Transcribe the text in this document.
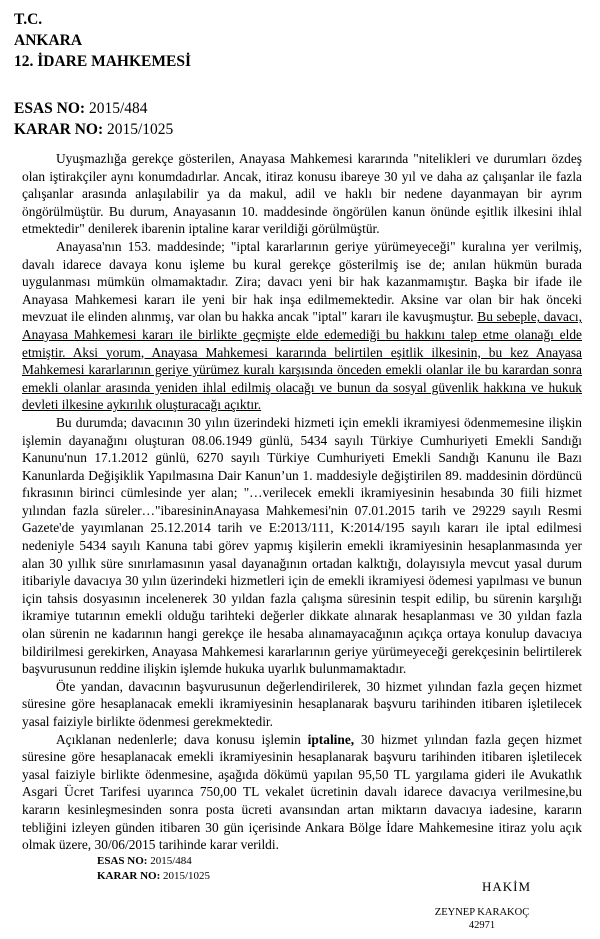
T.C.
ANKARA
12. İDARE MAHKEMESİ
ESAS NO: 2015/484
KARAR NO: 2015/1025

Uyuşmazlığa gerekçe gösterilen, Anayasa Mahkemesi kararında "nitelikleri ve durumları özdeş olan iştirakçiler aynı konumdadırlar. Ancak, itiraz konusu ibareye 30 yıl ve daha az çalışanlar ile fazla çalışanlar arasında anlaşılabilir ya da makul, adil ve haklı bir nedene dayanmayan bir ayrım öngörülmüştür. Bu durum, Anayasanın 10. maddesinde öngörülen kanun önünde eşitlik ilkesini ihlal etmektedir" denilerek ibarenin iptaline karar verildiği görülmüştür.

Anayasa'nın 153. maddesinde; "iptal kararlarının geriye yürümeyeceği" kuralına yer verilmiş, davalı idarece davaya konu işleme bu kural gerekçe gösterilmiş ise de; anılan hükmün burada uygulanması mümkün olmamaktadır. Zira; davacı yeni bir hak kazanmamıştır. Başka bir ifade ile Anayasa Mahkemesi kararı ile yeni bir hak inşa edilmemektedir. Aksine var olan bir hak önceki mevzuat ile elinden alınmış, var olan bu hakka ancak "iptal" kararı ile kavuşmuştur. Bu sebeple, davacı, Anayasa Mahkemesi kararı ile birlikte geçmişte elde edemediği bu hakkını talep etme olanağı elde etmiştir. Aksi yorum, Anayasa Mahkemesi kararında belirtilen eşitlik ilkesinin, bu kez Anayasa Mahkemesi kararlarının geriye yürümez kuralı karşısında önceden emekli olanlar ile bu karardan sonra emekli olanlar arasında yeniden ihlal edilmiş olacağı ve bunun da sosyal güvenlik hakkına ve hukuk devleti ilkesine aykırılık oluşturacağı açıktır.

Bu durumda; davacının 30 yılın üzerindeki hizmeti için emekli ikramiyesi ödenmemesine ilişkin işlemin dayanağını oluşturan 08.06.1949 günlü, 5434 sayılı Türkiye Cumhuriyeti Emekli Sandığı Kanunu'nun 17.1.2012 günlü, 6270 sayılı Türkiye Cumhuriyeti Emekli Sandığı Kanunu ile Bazı Kanunlarda Değişiklik Yapılmasına Dair Kanun’un 1. maddesiyle değiştirilen 89. maddesinin dördüncü fıkrasının birinci cümlesinde yer alan; "…verilecek emekli ikramiyesinin hesabında 30 fiili hizmet yılından fazla süreler…"ibaresininAnayasa Mahkemesi'nin 07.01.2015 tarih ve 29229 sayılı Resmi Gazete'de yayımlanan 25.12.2014 tarih ve E:2013/111, K:2014/195 sayılı kararı ile iptal edilmesi nedeniyle 5434 sayılı Kanuna tabi görev yapmış kişilerin emekli ikramiyesinin hesaplanmasında yer alan 30 yıllık süre sınırlamasının yasal dayanağının ortadan kalktığı, dolayısıyla mevcut yasal durum itibariyle davacıya 30 yılın üzerindeki hizmetleri için de emekli ikramiyesi ödemesi yapılması ve bunun için tahsis dosyasının incelenerek 30 yıldan fazla çalışma süresinin tespit edilip, bu sürenin karşılığı ikramiye tutarının emekli olduğu tarihteki değerler dikkate alınarak hesaplanması ve 30 yıldan fazla olan sürenin ne kadarının hangi gerekçe ile hesaba alınamayacağının açıkça ortaya konulup davacıya bildirilmesi gerekirken, Anayasa Mahkemesi kararlarının geriye yürümeyeceği gerekçesinin belirtilerek başvurusunun reddine ilişkin işlemde hukuka uyarlık bulunmamaktadır.

Öte yandan, davacının başvurusunun değerlendirilerek, 30 hizmet yılından fazla geçen hizmet süresine göre hesaplanacak emekli ikramiyesinin hesaplanarak başvuru tarihinden itibaren işletilecek yasal faiziyle birlikte ödenmesi gerekmektedir.

Açıklanan nedenlerle; dava konusu işlemin iptaline, 30 hizmet yılından fazla geçen hizmet süresine göre hesaplanacak emekli ikramiyesinin hesaplanarak başvuru tarihinden itibaren işletilecek yasal faiziyle birlikte ödenmesine, aşağıda dökümü yapılan 95,50 TL yargılama gideri ile Avukatlık Asgari Ücret Tarifesi uyarınca 750,00 TL vekalet ücretinin davalı idarece davacıya verilmesine,bu kararın kesinleşmesinden sonra posta ücreti avansından artan miktarın davacıya iadesine, kararın tebliğini izleyen günden itibaren 30 gün içerisinde Ankara Bölge İdare Mahkemesine itiraz yolu açık olmak üzere, 30/06/2015 tarihinde karar verildi.

ESAS NO: 2015/484
KARAR NO: 2015/1025
HAKİM
ZEYNEP KARAKOÇ
42971
